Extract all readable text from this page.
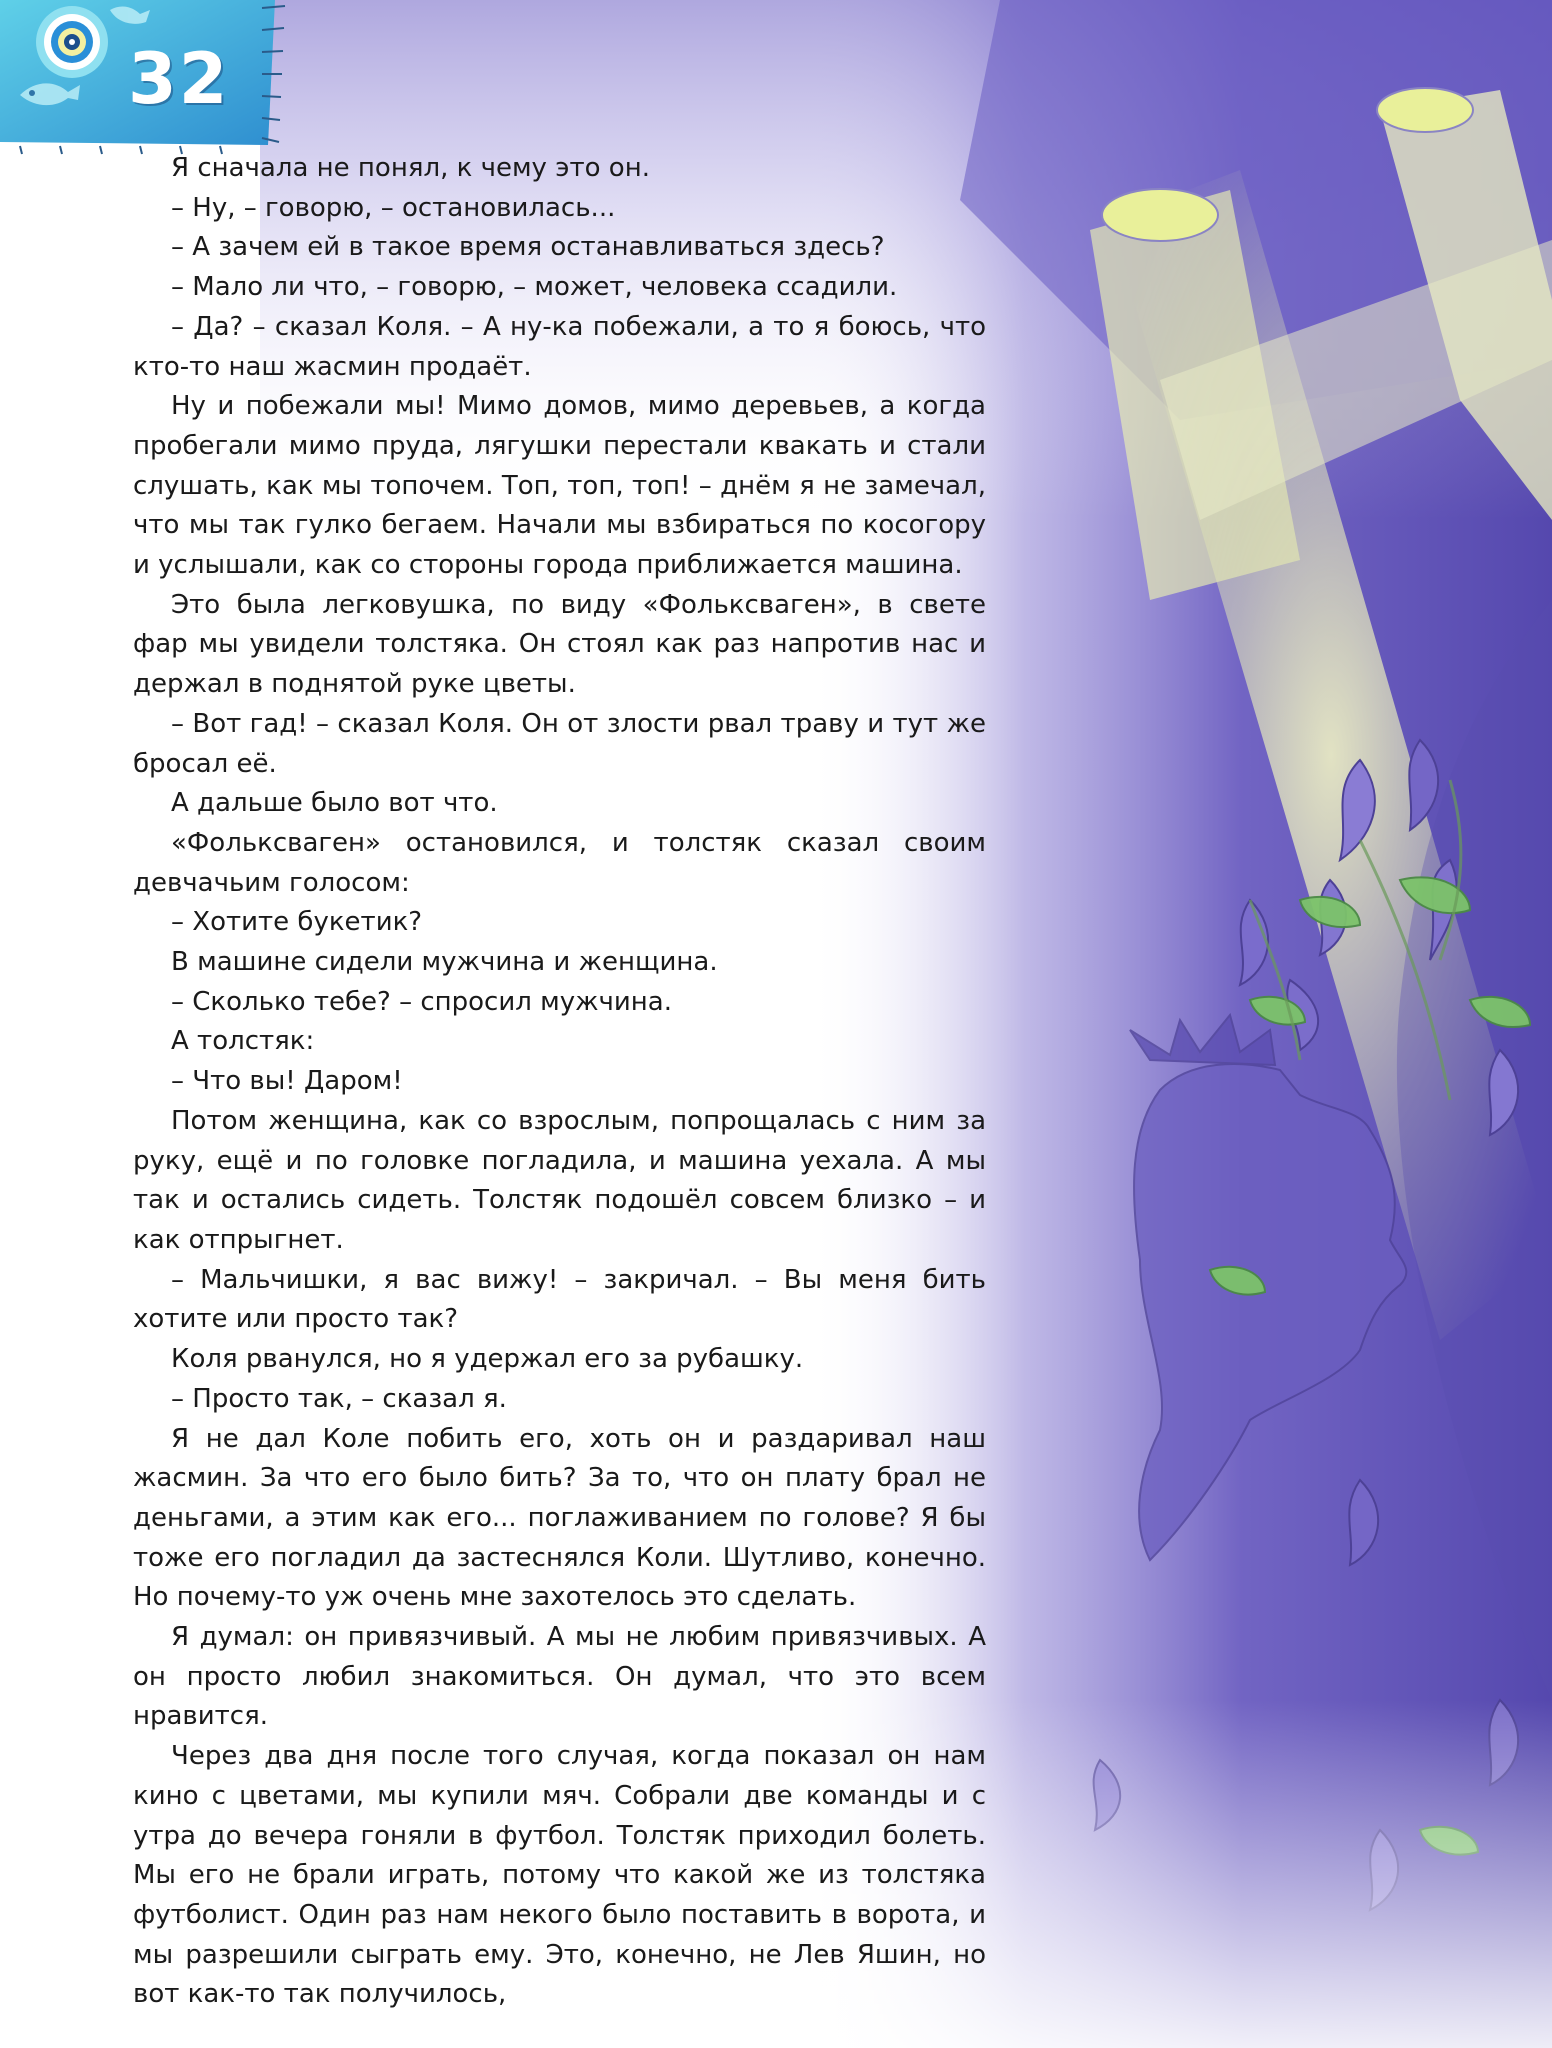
32

Я сначала не понял, к чему это он.

– Ну, – говорю, – остановилась...

– А зачем ей в такое время останавливаться здесь?

– Мало ли что, – говорю, – может, человека ссадили.

– Да? – сказал Коля. – А ну-ка побежали, а то я боюсь, что кто-то наш жасмин продаёт.

Ну и побежали мы! Мимо домов, мимо деревьев, а когда пробегали мимо пруда, лягушки перестали квакать и стали слушать, как мы топочем. Топ, топ, топ! – днём я не замечал, что мы так гулко бегаем. Начали мы взбираться по косогору и услышали, как со стороны города приближается машина.

Это была легковушка, по виду «Фольксваген», в свете фар мы увидели толстяка. Он стоял как раз напротив нас и держал в поднятой руке цветы.

– Вот гад! – сказал Коля. Он от злости рвал траву и тут же бросал её.

А дальше было вот что.

«Фольксваген» остановился, и толстяк сказал своим девчачьим голосом:

– Хотите букетик?

В машине сидели мужчина и женщина.

– Сколько тебе? – спросил мужчина.

А толстяк:

– Что вы! Даром!

Потом женщина, как со взрослым, попрощалась с ним за руку, ещё и по головке погладила, и машина уехала. А мы так и остались сидеть. Толстяк подошёл совсем близко – и как отпрыгнет.

– Мальчишки, я вас вижу! – закричал. – Вы меня бить хотите или просто так?

Коля рванулся, но я удержал его за рубашку.

– Просто так, – сказал я.

Я не дал Коле побить его, хоть он и раздаривал наш жасмин. За что его было бить? За то, что он плату брал не деньгами, а этим как его... поглаживанием по голове? Я бы тоже его погладил да застеснялся Коли. Шутливо, конечно. Но почему-то уж очень мне захотелось это сделать.

Я думал: он привязчивый. А мы не любим привязчивых. А он просто любил знакомиться. Он думал, что это всем нравится.

Через два дня после того случая, когда показал он нам кино с цветами, мы купили мяч. Собрали две команды и с утра до вечера гоняли в футбол. Толстяк приходил болеть. Мы его не брали играть, потому что какой же из толстяка футболист. Один раз нам некого было поставить в ворота, и мы разрешили сыграть ему. Это, конечно, не Лев Яшин, но вот как-то так получилось,
